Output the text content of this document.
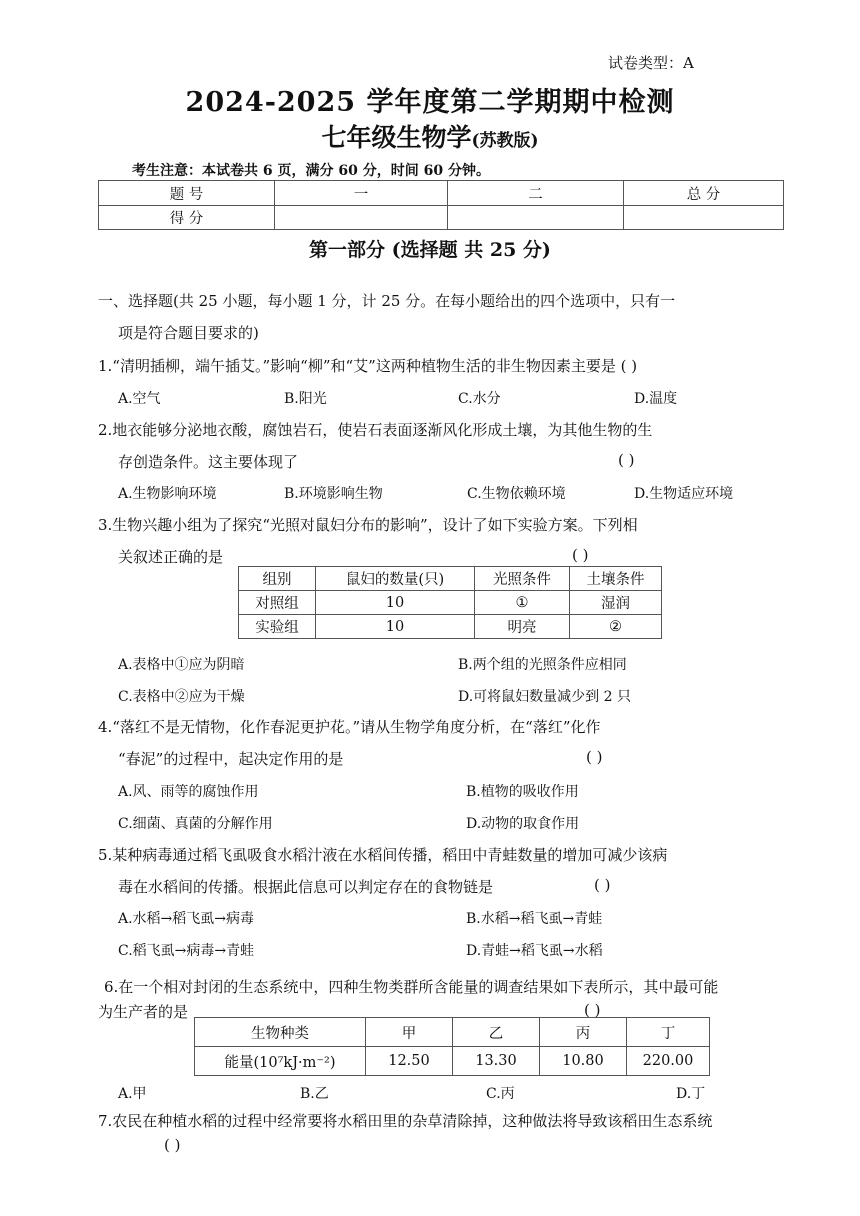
试卷类型：A
2024-2025 学年度第二学期期中检测
七年级生物学(苏教版)
考生注意：本试卷共 6 页，满分 60 分，时间 60 分钟。
题 号	一	二	总 分
得 分			
第一部分 (选择题 共 25 分)
一、选择题(共 25 小题，每小题 1 分，计 25 分。在每小题给出的四个选项中，只有一
项是符合题目要求的)
1.“清明插柳，端午插艾。”影响“柳”和“艾”这两种植物生活的非生物因素主要是 ( )
A.空气	B.阳光	C.水分	D.温度
2.地衣能够分泌地衣酸，腐蚀岩石，使岩石表面逐渐风化形成土壤，为其他生物的生
存创造条件。这主要体现了	( )
A.生物影响环境	B.环境影响生物	C.生物依赖环境	D.生物适应环境
3.生物兴趣小组为了探究“光照对鼠妇分布的影响”，设计了如下实验方案。下列相
关叙述正确的是	( )
组别	鼠妇的数量(只)	光照条件	土壤条件
对照组	10	①	湿润
实验组	10	明亮	②
A.表格中①应为阴暗	B.两个组的光照条件应相同
C.表格中②应为干燥	D.可将鼠妇数量减少到 2 只
4.“落红不是无情物，化作春泥更护花。”请从生物学角度分析，在“落红”化作
“春泥”的过程中，起决定作用的是	( )
A.风、雨等的腐蚀作用	B.植物的吸收作用
C.细菌、真菌的分解作用	D.动物的取食作用
5.某种病毒通过稻飞虱吸食水稻汁液在水稻间传播，稻田中青蛙数量的增加可减少该病
毒在水稻间的传播。根据此信息可以判定存在的食物链是	( )
A.水稻→稻飞虱→病毒	B.水稻→稻飞虱→青蛙
C.稻飞虱→病毒→青蛙	D.青蛙→稻飞虱→水稻
6.在一个相对封闭的生态系统中，四种生物类群所含能量的调查结果如下表所示，其中最可能
为生产者的是	( )
生物种类	甲	乙	丙	丁
能量(10⁷kJ·m⁻²)	12.50	13.30	10.80	220.00
A.甲	B.乙	C.丙	D.丁
7.农民在种植水稻的过程中经常要将水稻田里的杂草清除掉，这种做法将导致该稻田生态系统
( )
